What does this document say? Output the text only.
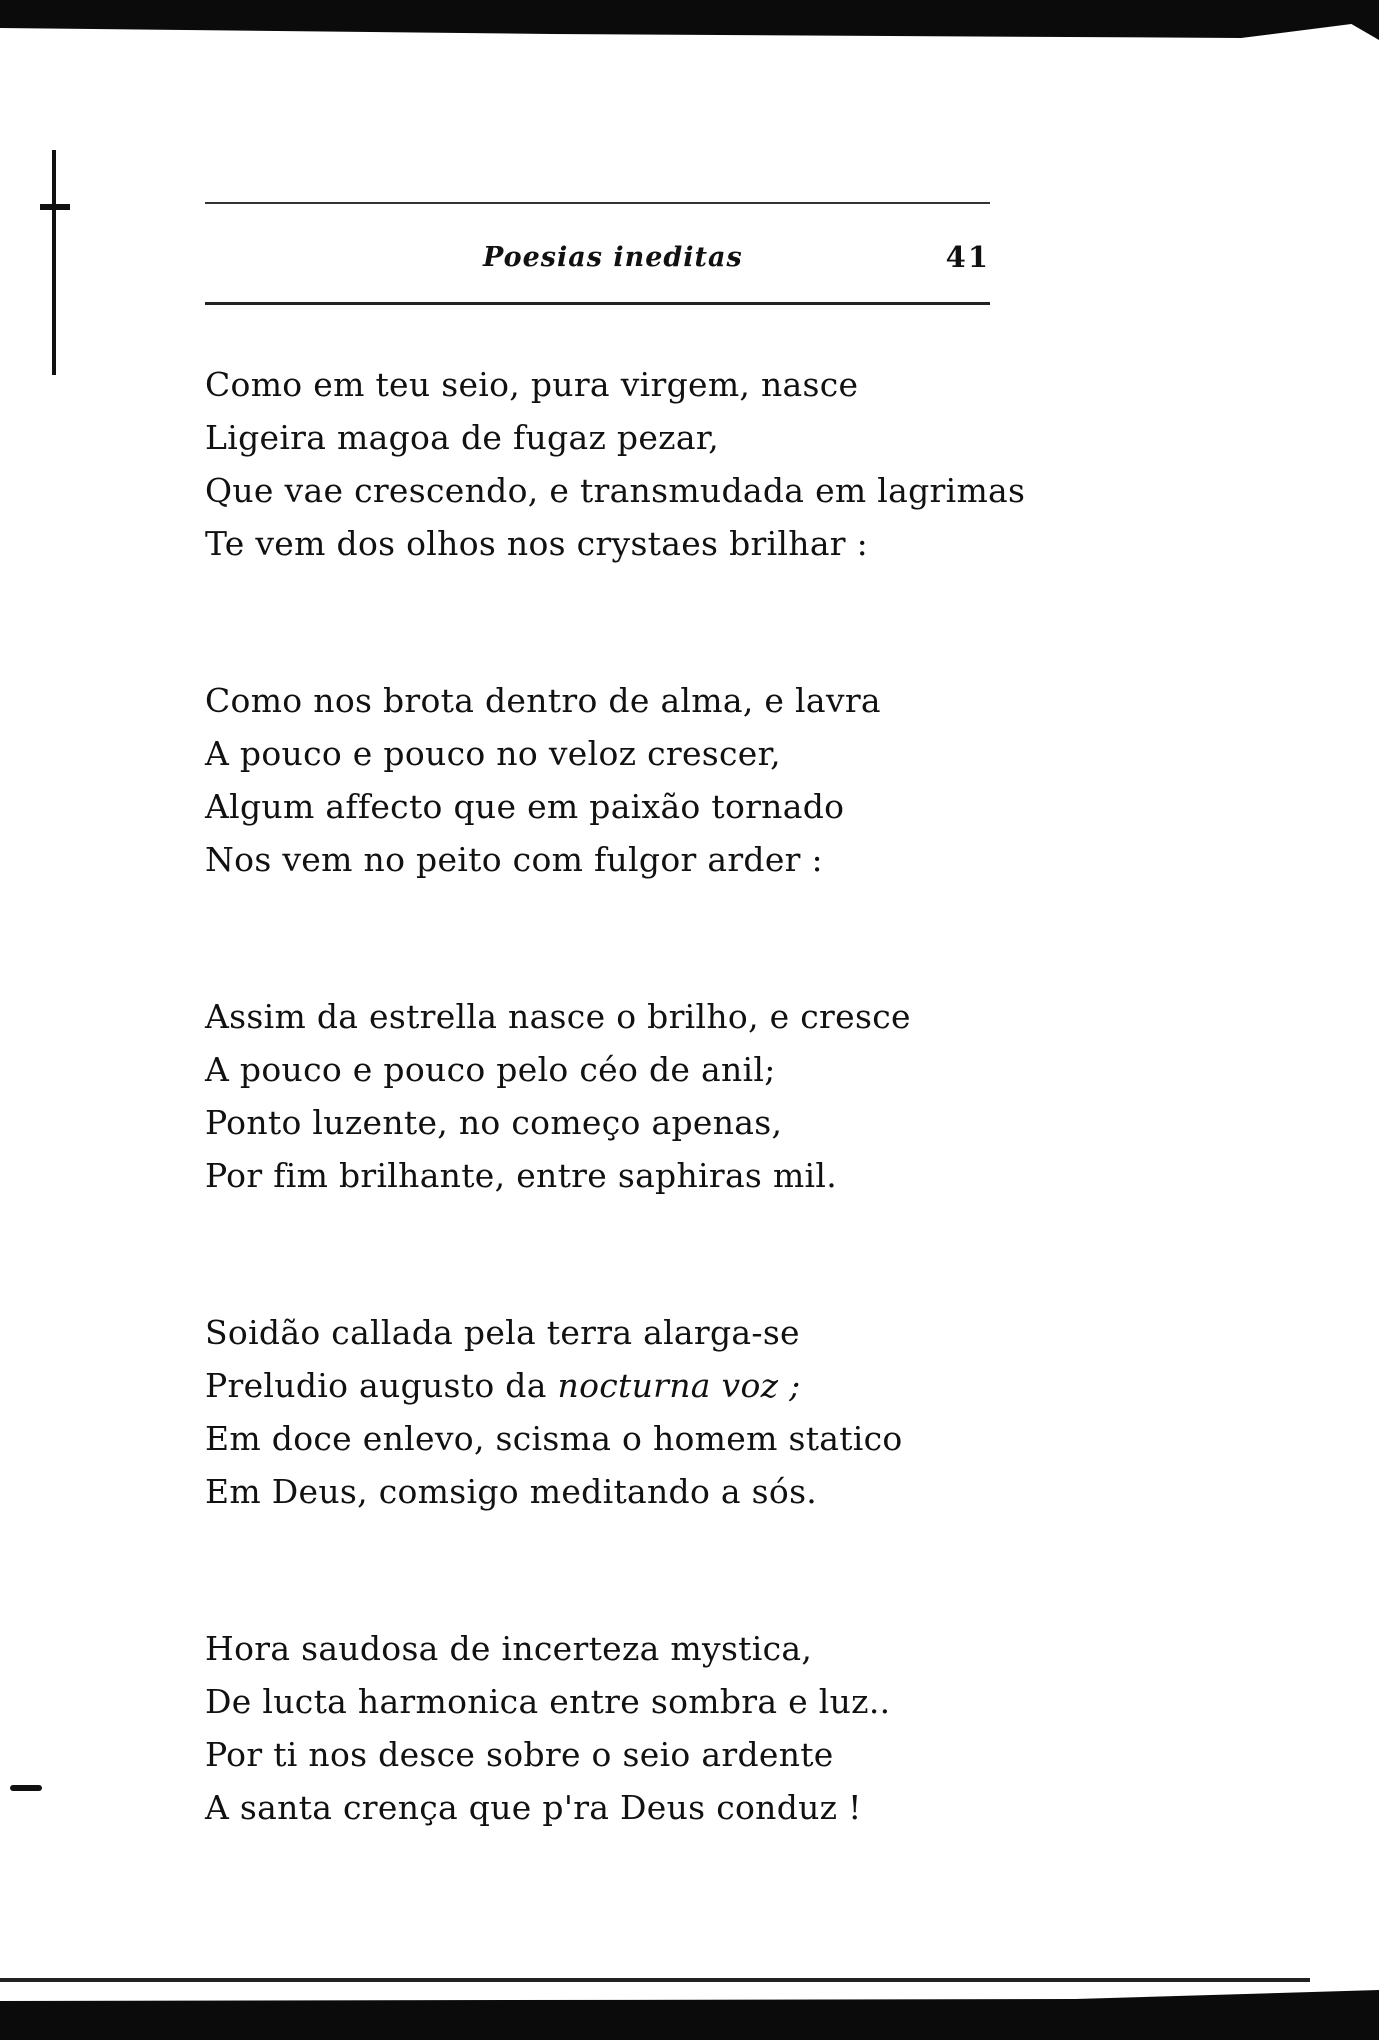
Poesias ineditas	41
Como em teu seio, pura virgem, nasce
Ligeira magoa de fugaz pezar,
Que vae crescendo, e transmudada em lagrimas
Te vem dos olhos nos crystaes brilhar :
Como nos brota dentro de alma, e lavra
A pouco e pouco no veloz crescer,
Algum affecto que em paixão tornado
Nos vem no peito com fulgor arder :
Assim da estrella nasce o brilho, e cresce
A pouco e pouco pelo céo de anil;
Ponto luzente, no começo apenas,
Por fim brilhante, entre saphiras mil.
Soidão callada pela terra alarga-se
Preludio augusto da nocturna voz ;
Em doce enlevo, scisma o homem statico
Em Deus, comsigo meditando a sós.
Hora saudosa de incerteza mystica,
De lucta harmonica entre sombra e luz..
Por ti nos desce sobre o seio ardente
A santa crença que p'ra Deus conduz !
